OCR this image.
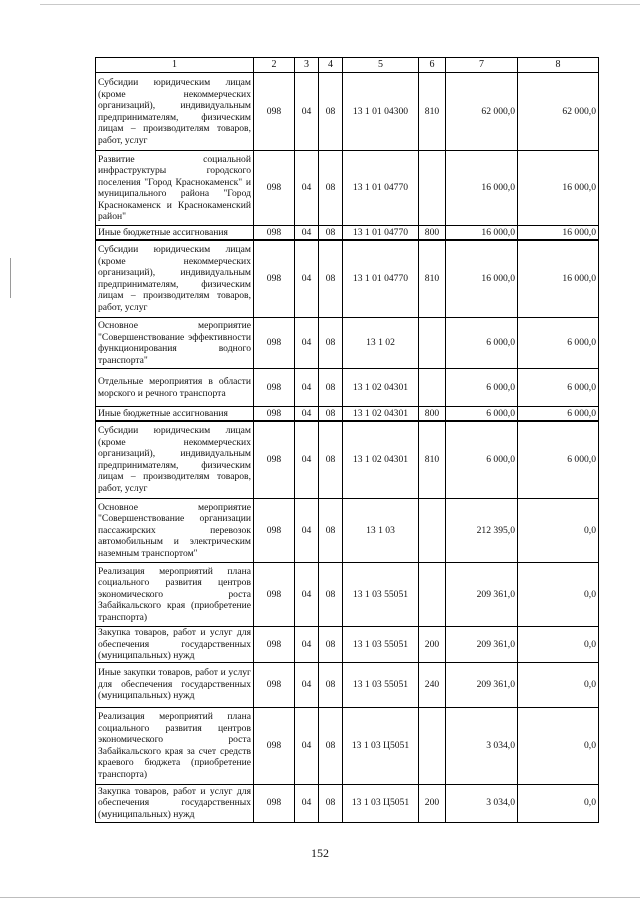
1	2	3	4	5	6	7	8
Субсидии юридическим лицам (кроме некоммерческих организаций), индивидуальным предпринимателям, физическим лицам – производителям товаров, работ, услуг	098	04	08	13 1 01 04300	810	62 000,0	62 000,0
Развитие социальной инфраструктуры городского поселения "Город Краснокаменск" и муниципального района "Город Краснокаменск и Краснокаменский район"	098	04	08	13 1 01 04770		16 000,0	16 000,0
Иные бюджетные ассигнования	098	04	08	13 1 01 04770	800	16 000,0	16 000,0
Субсидии юридическим лицам (кроме некоммерческих организаций), индивидуальным предпринимателям, физическим лицам – производителям товаров, работ, услуг	098	04	08	13 1 01 04770	810	16 000,0	16 000,0
Основное мероприятие "Совершенствование эффективности функционирования водного транспорта"	098	04	08	13 1 02		6 000,0	6 000,0
Отдельные мероприятия в области морского и речного транспорта	098	04	08	13 1 02 04301		6 000,0	6 000,0
Иные бюджетные ассигнования	098	04	08	13 1 02 04301	800	6 000,0	6 000,0
Субсидии юридическим лицам (кроме некоммерческих организаций), индивидуальным предпринимателям, физическим лицам – производителям товаров, работ, услуг	098	04	08	13 1 02 04301	810	6 000,0	6 000,0
Основное мероприятие "Совершенствование организации пассажирских перевозок автомобильным и электрическим наземным транспортом"	098	04	08	13 1 03		212 395,0	0,0
Реализация мероприятий плана социального развития центров экономического роста Забайкальского края (приобретение транспорта)	098	04	08	13 1 03 55051		209 361,0	0,0
Закупка товаров, работ и услуг для обеспечения государственных (муниципальных) нужд	098	04	08	13 1 03 55051	200	209 361,0	0,0
Иные закупки товаров, работ и услуг для обеспечения государственных (муниципальных) нужд	098	04	08	13 1 03 55051	240	209 361,0	0,0
Реализация мероприятий плана социального развития центров экономического роста Забайкальского края за счет средств краевого бюджета (приобретение транспорта)	098	04	08	13 1 03 Ц5051		3 034,0	0,0
Закупка товаров, работ и услуг для обеспечения государственных (муниципальных) нужд	098	04	08	13 1 03 Ц5051	200	3 034,0	0,0
152
